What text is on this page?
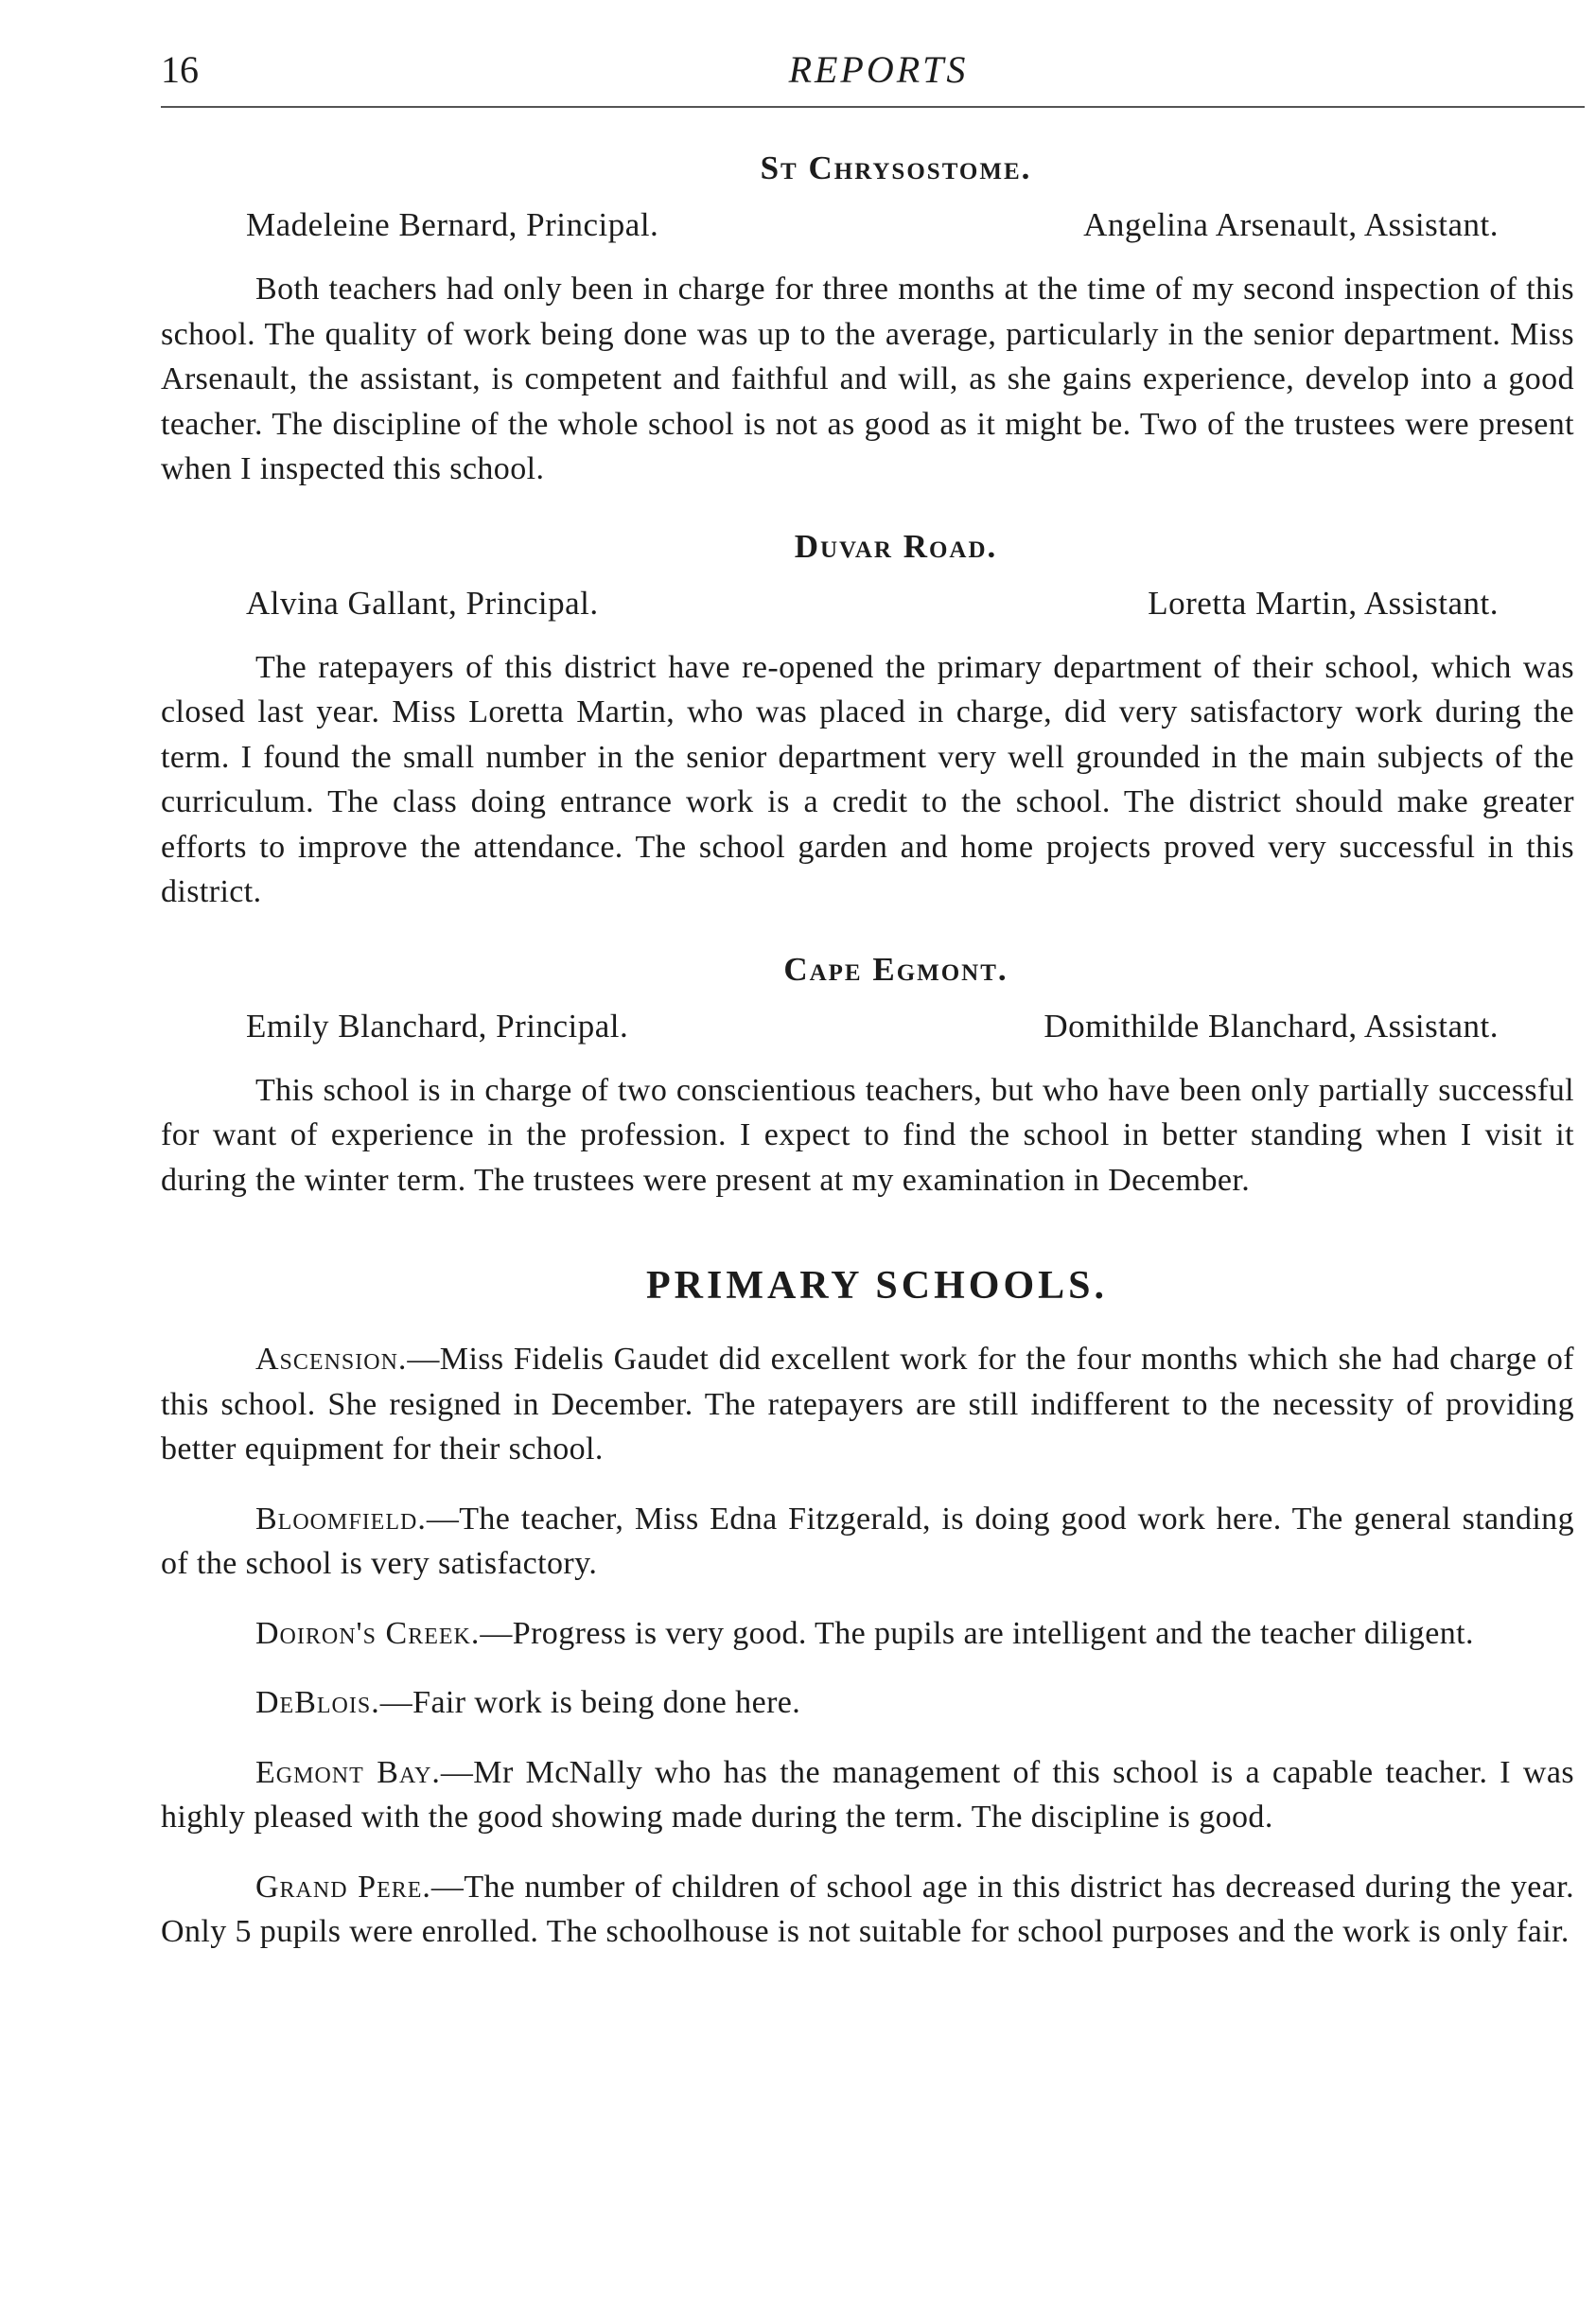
16	REPORTS
St Chrysostome.
Madeleine Bernard, Principal.	Angelina Arsenault, Assistant.

Both teachers had only been in charge for three months at the time of my second inspection of this school. The quality of work being done was up to the average, particularly in the senior department. Miss Arsenault, the assistant, is competent and faithful and will, as she gains experience, develop into a good teacher. The discipline of the whole school is not as good as it might be. Two of the trustees were present when I inspected this school.

Duvar Road.
Alvina Gallant, Principal.	Loretta Martin, Assistant.

The ratepayers of this district have re-opened the primary department of their school, which was closed last year. Miss Loretta Martin, who was placed in charge, did very satisfactory work during the term. I found the small number in the senior department very well grounded in the main subjects of the curriculum. The class doing entrance work is a credit to the school. The district should make greater efforts to improve the attendance. The school garden and home projects proved very successful in this district.

Cape Egmont.
Emily Blanchard, Principal.	Domithilde Blanchard, Assistant.

This school is in charge of two conscientious teachers, but who have been only partially successful for want of experience in the profession. I expect to find the school in better standing when I visit it during the winter term. The trustees were present at my examination in December.

PRIMARY SCHOOLS.

Ascension.—Miss Fidelis Gaudet did excellent work for the four months which she had charge of this school. She resigned in December. The ratepayers are still indifferent to the necessity of providing better equipment for their school.

Bloomfield.—The teacher, Miss Edna Fitzgerald, is doing good work here. The general standing of the school is very satisfactory.

Doiron's Creek.—Progress is very good. The pupils are intelligent and the teacher diligent.

DeBlois.—Fair work is being done here.

Egmont Bay.—Mr McNally who has the management of this school is a capable teacher. I was highly pleased with the good showing made during the term. The discipline is good.

Grand Pere.—The number of children of school age in this district has decreased during the year. Only 5 pupils were enrolled. The schoolhouse is not suitable for school purposes and the work is only fair.
